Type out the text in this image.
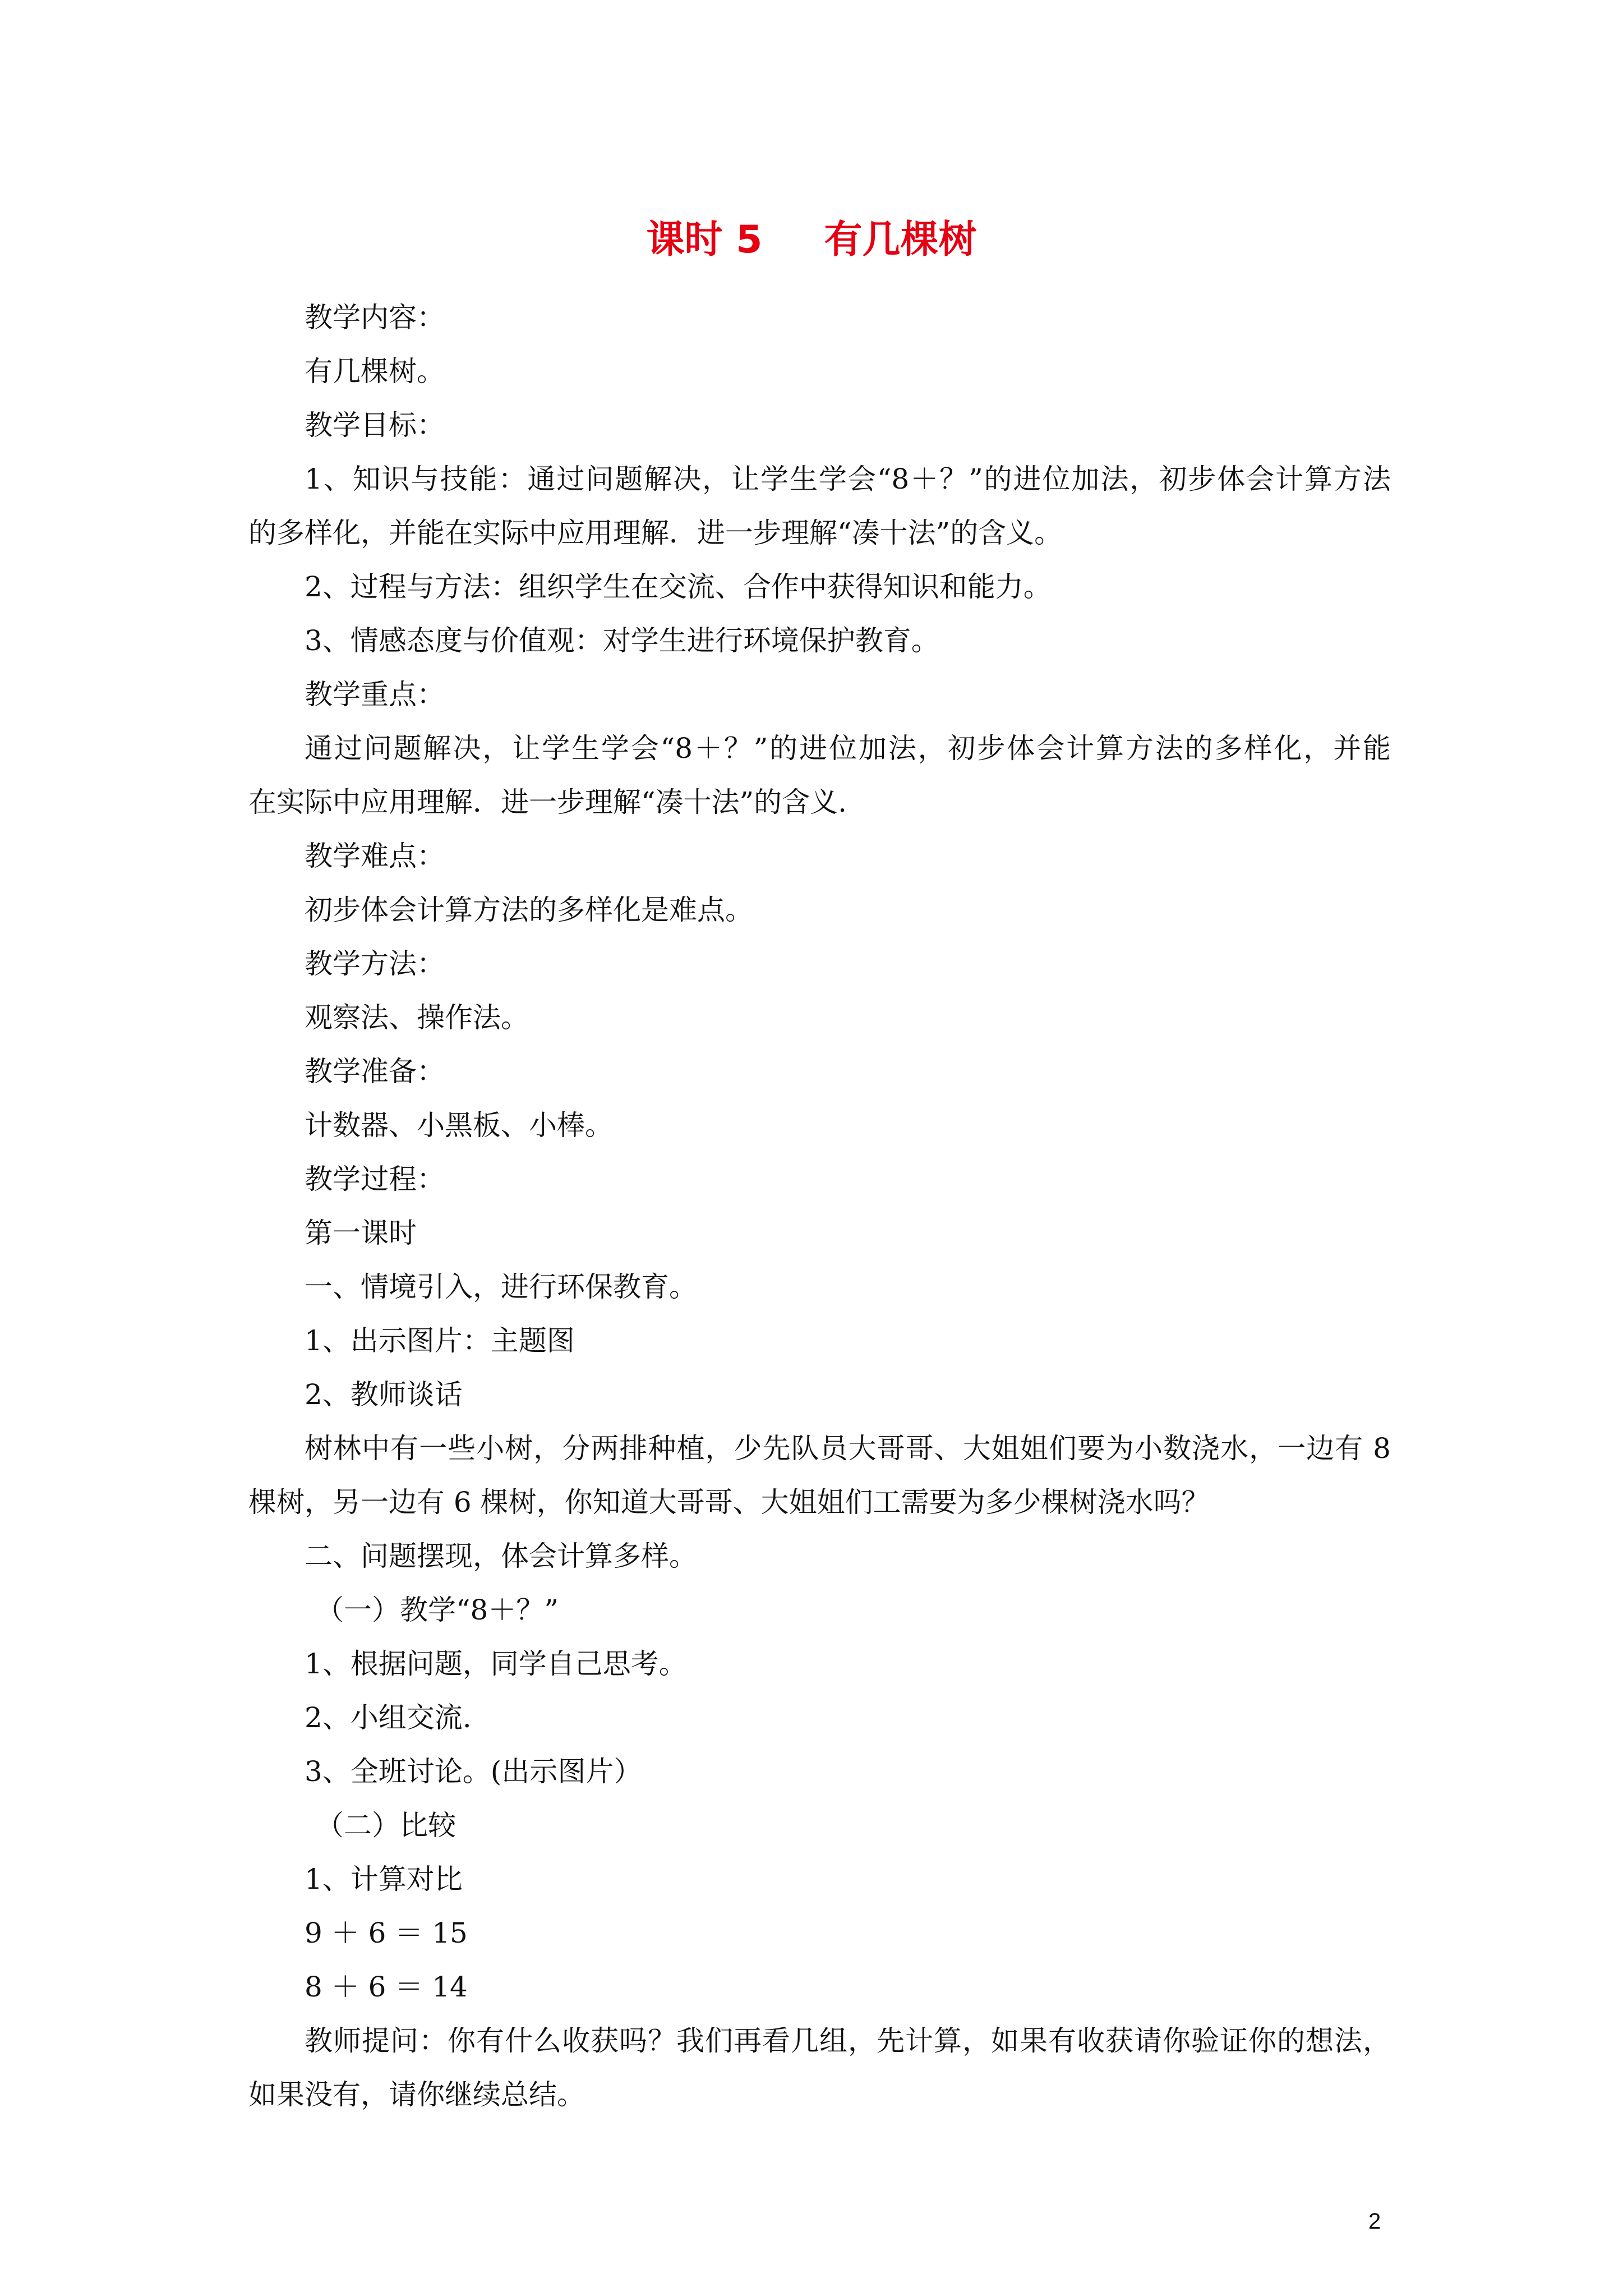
课时 5 有几棵树
教学内容：
有几棵树。
教学目标：
1、知识与技能：通过问题解决，让学生学会“8＋？”的进位加法，初步体会计算方法
的多样化，并能在实际中应用理解．进一步理解“凑十法”的含义。
2、过程与方法：组织学生在交流、合作中获得知识和能力。
3、情感态度与价值观：对学生进行环境保护教育。
教学重点：
通过问题解决，让学生学会“8＋？”的进位加法，初步体会计算方法的多样化，并能
在实际中应用理解．进一步理解“凑十法”的含义.
教学难点：
初步体会计算方法的多样化是难点。
教学方法：
观察法、操作法。
教学准备：
计数器、小黑板、小棒。
教学过程：
第一课时
一、情境引入，进行环保教育。
1、出示图片：主题图
2、教师谈话
树林中有一些小树，分两排种植，少先队员大哥哥、大姐姐们要为小数浇水，一边有 8
棵树，另一边有 6 棵树，你知道大哥哥、大姐姐们工需要为多少棵树浇水吗？
二、问题摆现，体会计算多样。
（一）教学“8＋？”
1、根据问题，同学自己思考。
2、小组交流.
3、全班讨论。(出示图片）
（二）比较
1、计算对比
9 ＋ 6 ＝ 15
8 ＋ 6 ＝ 14
教师提问：你有什么收获吗？我们再看几组，先计算，如果有收获请你验证你的想法，
如果没有，请你继续总结。
2
